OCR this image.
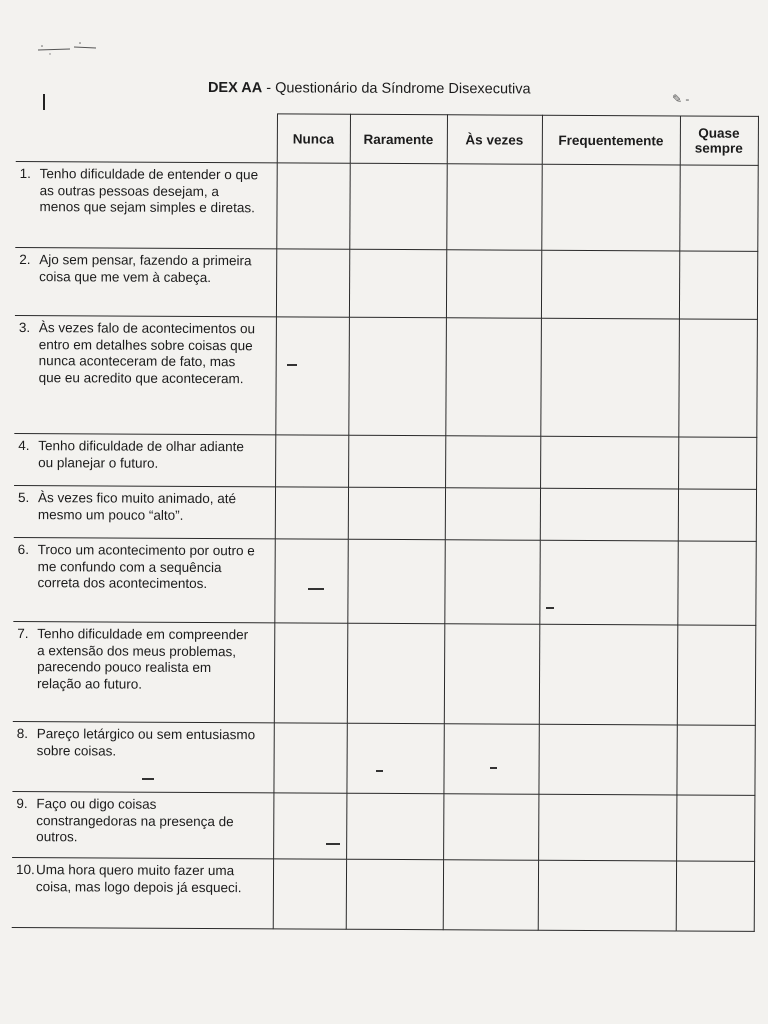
DEX AA - Questionário da Síndrome Disexecutiva
✎ -
	Nunca	Raramente	Às vezes	Frequentemente	Quase sempre
1. Tenho dificuldade de entender o que as outras pessoas desejam, a menos que sejam simples e diretas.					
2. Ajo sem pensar, fazendo a primeira coisa que me vem à cabeça.					
3. Às vezes falo de acontecimentos ou entro em detalhes sobre coisas que nunca aconteceram de fato, mas que eu acredito que aconteceram.					
4. Tenho dificuldade de olhar adiante ou planejar o futuro.					
5. Às vezes fico muito animado, até mesmo um pouco “alto”.					
6. Troco um acontecimento por outro e me confundo com a sequência correta dos acontecimentos.					
7. Tenho dificuldade em compreender a extensão dos meus problemas, parecendo pouco realista em relação ao futuro.					
8. Pareço letárgico ou sem entusiasmo sobre coisas.					
9. Faço ou digo coisas constrangedoras na presença de outros.					
10.Uma hora quero muito fazer uma coisa, mas logo depois já esqueci.					
